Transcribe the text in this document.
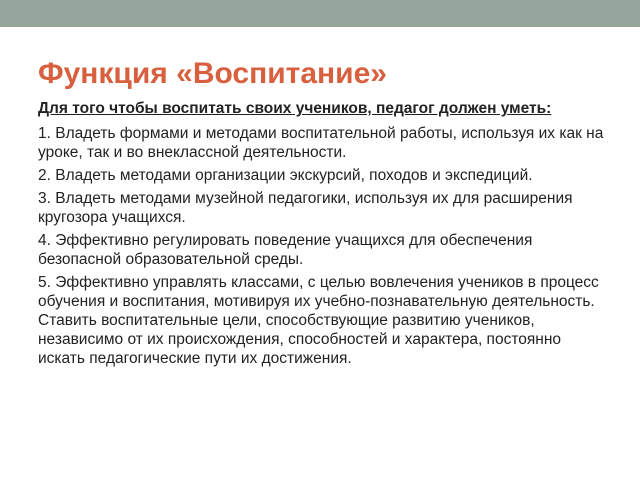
Функция «Воспитание»

Для того чтобы воспитать своих учеников, педагог должен уметь:

1. Владеть формами и методами воспитательной работы, используя их как на уроке, так и во внеклассной деятельности.

2. Владеть методами организации экскурсий, походов и экспедиций.

3. Владеть методами музейной педагогики, используя их для расширения кругозора учащихся.

4. Эффективно регулировать поведение учащихся для обеспечения безопасной образовательной среды.

5. Эффективно управлять классами, с целью вовлечения учеников в процесс обучения и воспитания, мотивируя их учебно-познавательную деятельность. Ставить воспитательные цели, способствующие развитию учеников, независимо от их происхождения, способностей и характера, постоянно искать педагогические пути их достижения.
